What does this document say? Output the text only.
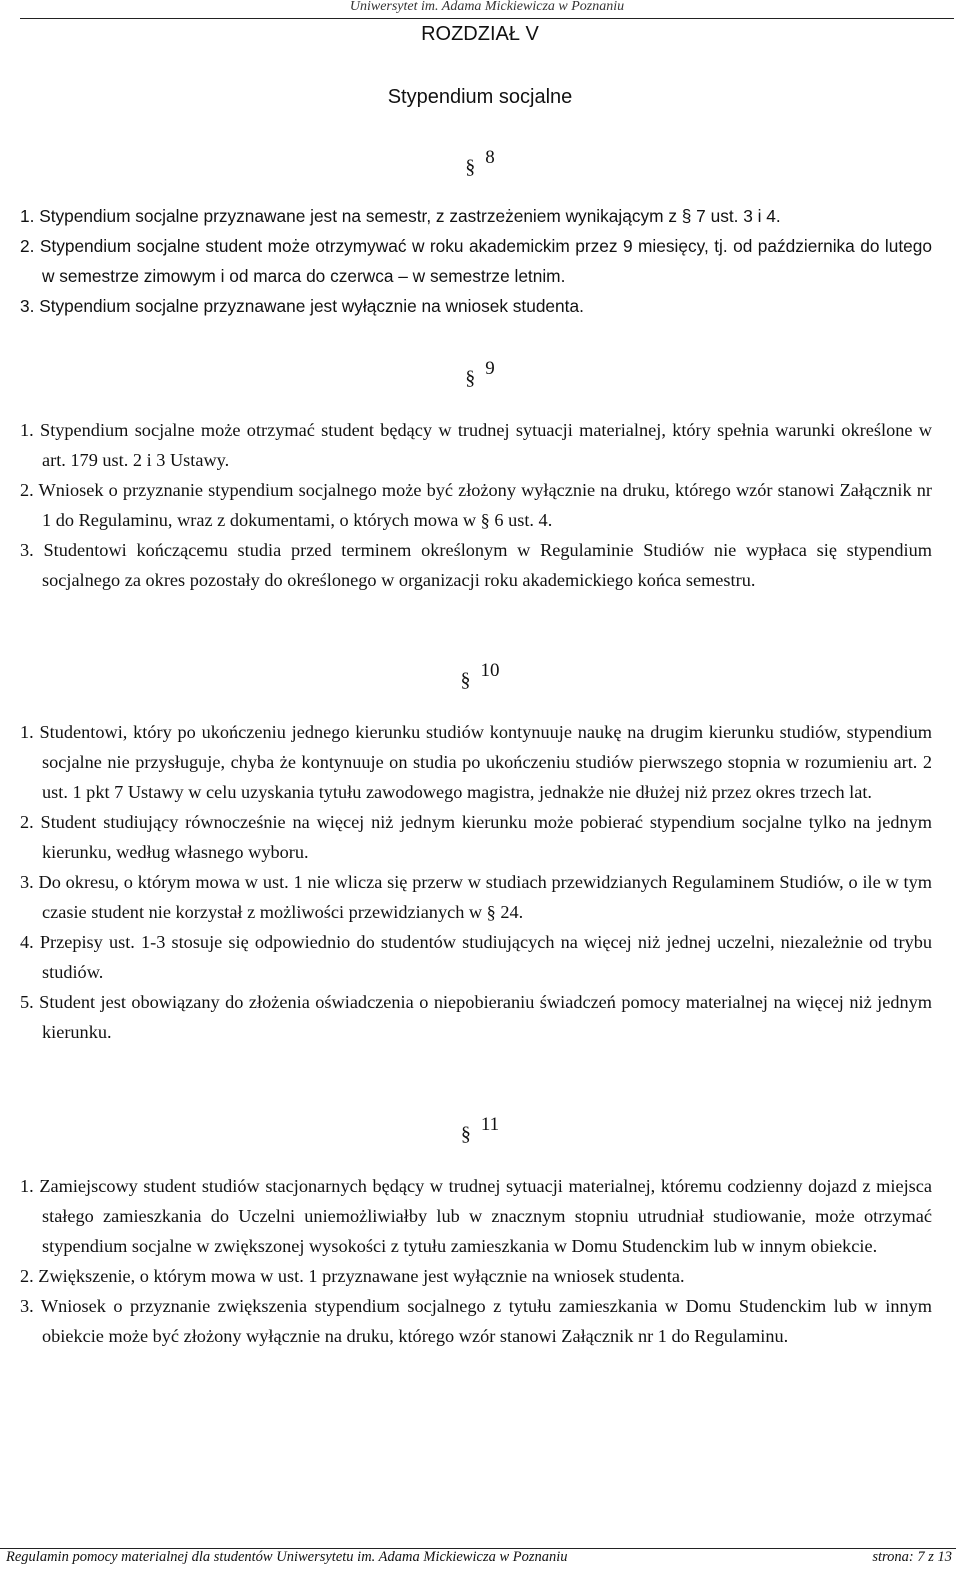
Uniwersytet im. Adama Mickiewicza w Poznaniu
ROZDZIAŁ V
Stypendium socjalne
§ 8
1. Stypendium socjalne przyznawane jest na semestr, z zastrzeżeniem wynikającym z § 7 ust. 3 i 4.
2. Stypendium socjalne student może otrzymywać w roku akademickim przez 9 miesięcy, tj. od października do lutego w semestrze zimowym i od marca do czerwca – w semestrze letnim.
3. Stypendium socjalne przyznawane jest wyłącznie na wniosek studenta.
§ 9
1. Stypendium socjalne może otrzymać student będący w trudnej sytuacji materialnej, który spełnia warunki określone w art. 179 ust. 2 i 3 Ustawy.
2. Wniosek o przyznanie stypendium socjalnego może być złożony wyłącznie na druku, którego wzór stanowi Załącznik nr 1 do Regulaminu, wraz z dokumentami, o których mowa w § 6 ust. 4.
3. Studentowi kończącemu studia przed terminem określonym w Regulaminie Studiów nie wypłaca się stypendium socjalnego za okres pozostały do określonego w organizacji roku akademickiego końca semestru.
§ 10
1. Studentowi, który po ukończeniu jednego kierunku studiów kontynuuje naukę na drugim kierunku studiów, stypendium socjalne nie przysługuje, chyba że kontynuuje on studia po ukończeniu studiów pierwszego stopnia w rozumieniu art. 2 ust. 1 pkt 7 Ustawy w celu uzyskania tytułu zawodowego magistra, jednakże nie dłużej niż przez okres trzech lat.
2. Student studiujący równocześnie na więcej niż jednym kierunku może pobierać stypendium socjalne tylko na jednym kierunku, według własnego wyboru.
3. Do okresu, o którym mowa w ust. 1 nie wlicza się przerw w studiach przewidzianych Regulaminem Studiów, o ile w tym czasie student nie korzystał z możliwości przewidzianych w § 24.
4. Przepisy ust. 1-3 stosuje się odpowiednio do studentów studiujących na więcej niż jednej uczelni, niezależnie od trybu studiów.
5. Student jest obowiązany do złożenia oświadczenia o niepobieraniu świadczeń pomocy materialnej na więcej niż jednym kierunku.
§ 11
1. Zamiejscowy student studiów stacjonarnych będący w trudnej sytuacji materialnej, któremu codzienny dojazd z miejsca stałego zamieszkania do Uczelni uniemożliwiałby lub w znacznym stopniu utrudniał studiowanie, może otrzymać stypendium socjalne w zwiększonej wysokości z tytułu zamieszkania w Domu Studenckim lub w innym obiekcie.
2. Zwiększenie, o którym mowa w ust. 1 przyznawane jest wyłącznie na wniosek studenta.
3. Wniosek o przyznanie zwiększenia stypendium socjalnego z tytułu zamieszkania w Domu Studenckim lub w innym obiekcie może być złożony wyłącznie na druku, którego wzór stanowi Załącznik nr 1 do Regulaminu.
Regulamin pomocy materialnej dla studentów Uniwersytetu im. Adama Mickiewicza w Poznaniu	strona: 7 z 13
